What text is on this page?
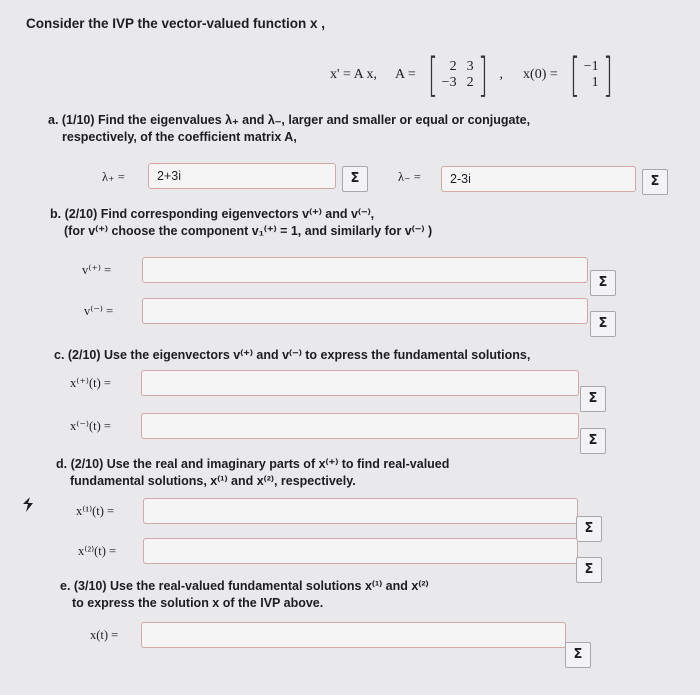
Consider the IVP the vector-valued function x ,
x' = A x, A = [ 2 3
−3 2 ] , x(0) = [ −1
1 ]
a. (1/10) Find the eigenvalues λ₊ and λ₋, larger and smaller or equal or conjugate,
respectively, of the coefficient matrix A,
λ₊ =	2+3i	Σ	λ₋ =	2-3i	Σ
b. (2/10) Find corresponding eigenvectors v⁽⁺⁾ and v⁽⁻⁾,
(for v⁽⁺⁾ choose the component v₁⁽⁺⁾ = 1, and similarly for v⁽⁻⁾ )
v⁽⁺⁾ =
Σ
v⁽⁻⁾ =
Σ
c. (2/10) Use the eigenvectors v⁽⁺⁾ and v⁽⁻⁾ to express the fundamental solutions,
x⁽⁺⁾(t) =
Σ
x⁽⁻⁾(t) =
Σ
d. (2/10) Use the real and imaginary parts of x⁽⁺⁾ to find real-valued
fundamental solutions, x⁽¹⁾ and x⁽²⁾, respectively.
x⁽¹⁾(t) =
Σ
x⁽²⁾(t) =
Σ
e. (3/10) Use the real-valued fundamental solutions x⁽¹⁾ and x⁽²⁾
to express the solution x of the IVP above.
x(t) =
Σ
